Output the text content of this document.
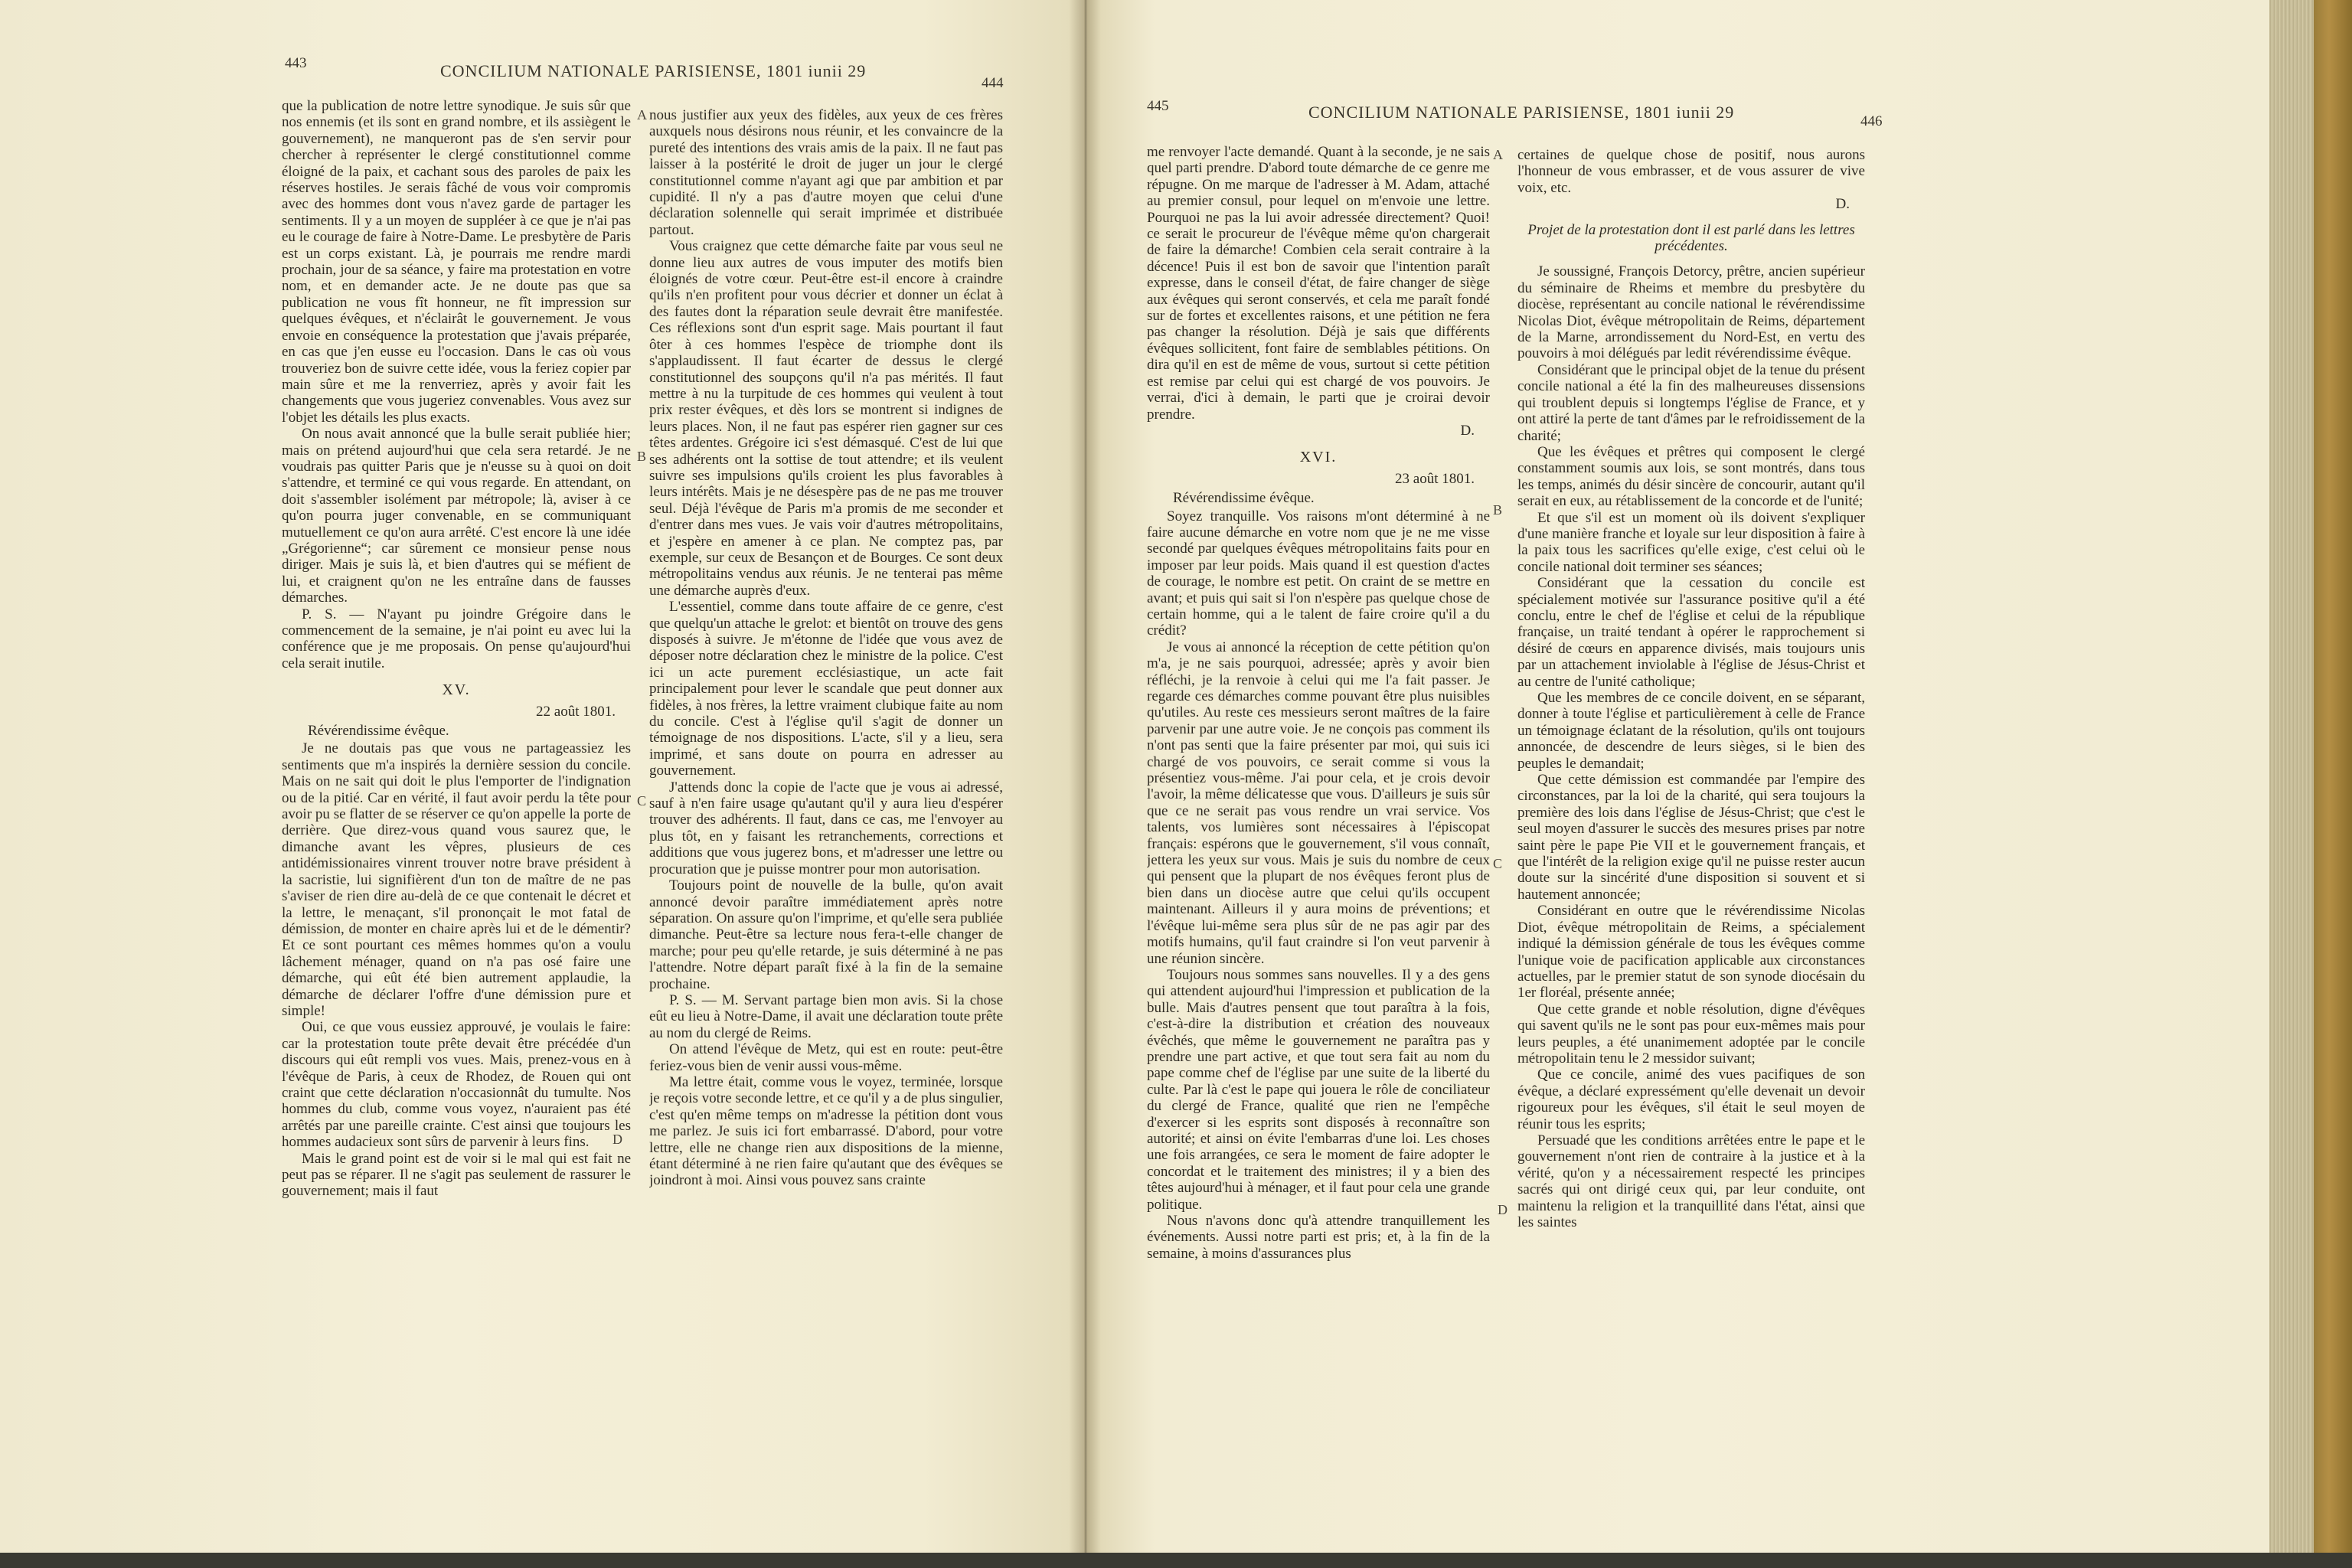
443	CONCILIUM NATIONALE PARISIENSE, 1801 iunii 29
444

que la publication de notre lettre synodique. Je suis sûr que nos ennemis (et ils sont en grand nombre, et ils assiègent le gouvernement), ne manqueront pas de s'en servir pour chercher à représenter le clergé constitutionnel comme éloigné de la paix, et cachant sous des paroles de paix les réserves hostiles. Je serais fâché de vous voir compromis avec des hommes dont vous n'avez garde de partager les sentiments. Il y a un moyen de suppléer à ce que je n'ai pas eu le courage de faire à Notre-Dame. Le presbytère de Paris est un corps existant. Là, je pourrais me rendre mardi prochain, jour de sa séance, y faire ma protestation en votre nom, et en demander acte. Je ne doute pas que sa publication ne vous fît honneur, ne fît impression sur quelques évêques, et n'éclairât le gouvernement. Je vous envoie en conséquence la protestation que j'avais préparée, en cas que j'en eusse eu l'occasion. Dans le cas où vous trouveriez bon de suivre cette idée, vous la feriez copier par main sûre et me la renverriez, après y avoir fait les changements que vous jugeriez convenables. Vous avez sur l'objet les détails les plus exacts.

On nous avait annoncé que la bulle serait publiée hier; mais on prétend aujourd'hui que cela sera retardé. Je ne voudrais pas quitter Paris que je n'eusse su à quoi on doit s'attendre, et terminé ce qui vous regarde. En attendant, on doit s'assembler isolément par métropole; là, aviser à ce qu'on pourra juger convenable, en se communiquant mutuellement ce qu'on aura arrêté. C'est encore là une idée „Grégorienne“; car sûrement ce monsieur pense nous diriger. Mais je suis là, et bien d'autres qui se méfient de lui, et craignent qu'on ne les entraîne dans de fausses démarches.

P. S. — N'ayant pu joindre Grégoire dans le commencement de la semaine, je n'ai point eu avec lui la conférence que je me proposais. On pense qu'aujourd'hui cela serait inutile.

XV.
22 août 1801.
Révérendissime évêque.

Je ne doutais pas que vous ne partageassiez les sentiments que m'a inspirés la dernière session du concile. Mais on ne sait qui doit le plus l'emporter de l'indignation ou de la pitié. Car en vérité, il faut avoir perdu la tête pour avoir pu se flatter de se réserver ce qu'on appelle la porte de derrière. Que direz-vous quand vous saurez que, le dimanche avant les vêpres, plusieurs de ces antidémissionaires vinrent trouver notre brave président à la sacristie, lui signifièrent d'un ton de maître de ne pas s'aviser de rien dire au-delà de ce que contenait le décret et la lettre, le menaçant, s'il prononçait le mot fatal de démission, de monter en chaire après lui et de le démentir? Et ce sont pourtant ces mêmes hommes qu'on a voulu lâchement ménager, quand on n'a pas osé faire une démarche, qui eût été bien autrement applaudie, la démarche de déclarer l'offre d'une démission pure et simple!

Oui, ce que vous eussiez approuvé, je voulais le faire: car la protestation toute prête devait être précédée d'un discours qui eût rempli vos vues. Mais, prenez-vous en à l'évêque de Paris, à ceux de Rhodez, de Rouen qui ont craint que cette déclaration n'occasionnât du tumulte. Nos hommes du club, comme vous voyez, n'auraient pas été arrêtés par une pareille crainte. C'est ainsi que toujours les hommes audacieux sont sûrs de parvenir à leurs fins.

Mais le grand point est de voir si le mal qui est fait ne peut pas se réparer. Il ne s'agit pas seulement de rassurer le gouvernement; mais il faut

A
B
C
D

nous justifier aux yeux des fidèles, aux yeux de ces frères auxquels nous désirons nous réunir, et les convaincre de la pureté des intentions des vrais amis de la paix. Il ne faut pas laisser à la postérité le droit de juger un jour le clergé constitutionnel comme n'ayant agi que par ambition et par cupidité. Il n'y a pas d'autre moyen que celui d'une déclaration solennelle qui serait imprimée et distribuée partout.

Vous craignez que cette démarche faite par vous seul ne donne lieu aux autres de vous imputer des motifs bien éloignés de votre cœur. Peut-être est-il encore à craindre qu'ils n'en profitent pour vous décrier et donner un éclat à des fautes dont la réparation seule devrait être manifestée. Ces réflexions sont d'un esprit sage. Mais pourtant il faut ôter à ces hommes l'espèce de triomphe dont ils s'applaudissent. Il faut écarter de dessus le clergé constitutionnel des soupçons qu'il n'a pas mérités. Il faut mettre à nu la turpitude de ces hommes qui veulent à tout prix rester évêques, et dès lors se montrent si indignes de leurs places. Non, il ne faut pas espérer rien gagner sur ces têtes ardentes. Grégoire ici s'est démasqué. C'est de lui que ses adhérents ont la sottise de tout attendre; et ils veulent suivre ses impulsions qu'ils croient les plus favorables à leurs intérêts. Mais je ne désespère pas de ne pas me trouver seul. Déjà l'évêque de Paris m'a promis de me seconder et d'entrer dans mes vues. Je vais voir d'autres métropolitains, et j'espère en amener à ce plan. Ne comptez pas, par exemple, sur ceux de Besançon et de Bourges. Ce sont deux métropolitains vendus aux réunis. Je ne tenterai pas même une démarche auprès d'eux.

L'essentiel, comme dans toute affaire de ce genre, c'est que quelqu'un attache le grelot: et bientôt on trouve des gens disposés à suivre. Je m'étonne de l'idée que vous avez de déposer notre déclaration chez le ministre de la police. C'est ici un acte purement ecclésiastique, un acte fait principalement pour lever le scandale que peut donner aux fidèles, à nos frères, la lettre vraiment clubique faite au nom du concile. C'est à l'église qu'il s'agit de donner un témoignage de nos dispositions. L'acte, s'il y a lieu, sera imprimé, et sans doute on pourra en adresser au gouvernement.

J'attends donc la copie de l'acte que je vous ai adressé, sauf à n'en faire usage qu'autant qu'il y aura lieu d'espérer trouver des adhérents. Il faut, dans ce cas, me l'envoyer au plus tôt, en y faisant les retranchements, corrections et additions que vous jugerez bons, et m'adresser une lettre ou procuration que je puisse montrer pour mon autorisation.

Toujours point de nouvelle de la bulle, qu'on avait annoncé devoir paraître immédiatement après notre séparation. On assure qu'on l'imprime, et qu'elle sera publiée dimanche. Peut-être sa lecture nous fera-t-elle changer de marche; pour peu qu'elle retarde, je suis déterminé à ne pas l'attendre. Notre départ paraît fixé à la fin de la semaine prochaine.

P. S. — M. Servant partage bien mon avis. Si la chose eût eu lieu à Notre-Dame, il avait une déclaration toute prête au nom du clergé de Reims.

On attend l'évêque de Metz, qui est en route: peut-être feriez-vous bien de venir aussi vous-même.

Ma lettre était, comme vous le voyez, terminée, lorsque je reçois votre seconde lettre, et ce qu'il y a de plus singulier, c'est qu'en même temps on m'adresse la pétition dont vous me parlez. Je suis ici fort embarrassé. D'abord, pour votre lettre, elle ne change rien aux dispositions de la mienne, étant déterminé à ne rien faire qu'autant que des évêques se joindront à moi. Ainsi vous pouvez sans crainte

445	CONCILIUM NATIONALE PARISIENSE, 1801 iunii 29	446

me renvoyer l'acte demandé. Quant à la seconde, je ne sais quel parti prendre. D'abord toute démarche de ce genre me répugne. On me marque de l'adresser à M. Adam, attaché au premier consul, pour lequel on m'envoie une lettre. Pourquoi ne pas la lui avoir adressée directement? Quoi! ce serait le procureur de l'évêque même qu'on chargerait de faire la démarche! Combien cela serait contraire à la décence! Puis il est bon de savoir que l'intention paraît expresse, dans le conseil d'état, de faire changer de siège aux évêques qui seront conservés, et cela me paraît fondé sur de fortes et excellentes raisons, et une pétition ne fera pas changer la résolution. Déjà je sais que différents évêques sollicitent, font faire de semblables pétitions. On dira qu'il en est de même de vous, surtout si cette pétition est remise par celui qui est chargé de vos pouvoirs. Je verrai, d'ici à demain, le parti que je croirai devoir prendre.

D.
XVI.
23 août 1801.
Révérendissime évêque.

Soyez tranquille. Vos raisons m'ont déterminé à ne faire aucune démarche en votre nom que je ne me visse secondé par quelques évêques métropolitains faits pour en imposer par leur poids. Mais quand il est question d'actes de courage, le nombre est petit. On craint de se mettre en avant; et puis qui sait si l'on n'espère pas quelque chose de certain homme, qui a le talent de faire croire qu'il a du crédit?

Je vous ai annoncé la réception de cette pétition qu'on m'a, je ne sais pourquoi, adressée; après y avoir bien réfléchi, je la renvoie à celui qui me l'a fait passer. Je regarde ces démarches comme pouvant être plus nuisibles qu'utiles. Au reste ces messieurs seront maîtres de la faire parvenir par une autre voie. Je ne conçois pas comment ils n'ont pas senti que la faire présenter par moi, qui suis ici chargé de vos pouvoirs, ce serait comme si vous la présentiez vous-même. J'ai pour cela, et je crois devoir l'avoir, la même délicatesse que vous. D'ailleurs je suis sûr que ce ne serait pas vous rendre un vrai service. Vos talents, vos lumières sont nécessaires à l'épiscopat français: espérons que le gouvernement, s'il vous connaît, jettera les yeux sur vous. Mais je suis du nombre de ceux qui pensent que la plupart de nos évêques feront plus de bien dans un diocèse autre que celui qu'ils occupent maintenant. Ailleurs il y aura moins de préventions; et l'évêque lui-même sera plus sûr de ne pas agir par des motifs humains, qu'il faut craindre si l'on veut parvenir à une réunion sincère.

Toujours nous sommes sans nouvelles. Il y a des gens qui attendent aujourd'hui l'impression et publication de la bulle. Mais d'autres pensent que tout paraîtra à la fois, c'est-à-dire la distribution et création des nouveaux évêchés, que même le gouvernement ne paraîtra pas y prendre une part active, et que tout sera fait au nom du pape comme chef de l'église par une suite de la liberté du culte. Par là c'est le pape qui jouera le rôle de conciliateur du clergé de France, qualité que rien ne l'empêche d'exercer si les esprits sont disposés à reconnaître son autorité; et ainsi on évite l'embarras d'une loi. Les choses une fois arrangées, ce sera le moment de faire adopter le concordat et le traitement des ministres; il y a bien des têtes aujourd'hui à ménager, et il faut pour cela une grande politique.

Nous n'avons donc qu'à attendre tranquillement les événements. Aussi notre parti est pris; et, à la fin de la semaine, à moins d'assurances plus

A
B
C
D

certaines de quelque chose de positif, nous aurons l'honneur de vous embrasser, et de vous assurer de vive voix, etc.

D.
Projet de la protestation dont il est parlé dans les lettres précédentes.

Je soussigné, François Detorcy, prêtre, ancien supérieur du séminaire de Rheims et membre du presbytère du diocèse, représentant au concile national le révérendissime Nicolas Diot, évêque métropolitain de Reims, département de la Marne, arrondissement du Nord-Est, en vertu des pouvoirs à moi délégués par ledit révérendissime évêque.

Considérant que le principal objet de la tenue du présent concile national a été la fin des malheureuses dissensions qui troublent depuis si longtemps l'église de France, et y ont attiré la perte de tant d'âmes par le refroidissement de la charité;

Que les évêques et prêtres qui composent le clergé constamment soumis aux lois, se sont montrés, dans tous les temps, animés du désir sincère de concourir, autant qu'il serait en eux, au rétablissement de la concorde et de l'unité;

Et que s'il est un moment où ils doivent s'expliquer d'une manière franche et loyale sur leur disposition à faire à la paix tous les sacrifices qu'elle exige, c'est celui où le concile national doit terminer ses séances;

Considérant que la cessation du concile est spécialement motivée sur l'assurance positive qu'il a été conclu, entre le chef de l'église et celui de la république française, un traité tendant à opérer le rapprochement si désiré de cœurs en apparence divisés, mais toujours unis par un attachement inviolable à l'église de Jésus-Christ et au centre de l'unité catholique;

Que les membres de ce concile doivent, en se séparant, donner à toute l'église et particulièrement à celle de France un témoignage éclatant de la résolution, qu'ils ont toujours annoncée, de descendre de leurs sièges, si le bien des peuples le demandait;

Que cette démission est commandée par l'empire des circonstances, par la loi de la charité, qui sera toujours la première des lois dans l'église de Jésus-Christ; que c'est le seul moyen d'assurer le succès des mesures prises par notre saint père le pape Pie VII et le gouvernement français, et que l'intérêt de la religion exige qu'il ne puisse rester aucun doute sur la sincérité d'une disposition si souvent et si hautement annoncée;

Considérant en outre que le révérendissime Nicolas Diot, évêque métropolitain de Reims, a spécialement indiqué la démission générale de tous les évêques comme l'unique voie de pacification applicable aux circonstances actuelles, par le premier statut de son synode diocésain du 1er floréal, présente année;

Que cette grande et noble résolution, digne d'évêques qui savent qu'ils ne le sont pas pour eux-mêmes mais pour leurs peuples, a été unanimement adoptée par le concile métropolitain tenu le 2 messidor suivant;

Que ce concile, animé des vues pacifiques de son évêque, a déclaré expressément qu'elle devenait un devoir rigoureux pour les évêques, s'il était le seul moyen de réunir tous les esprits;

Persuadé que les conditions arrêtées entre le pape et le gouvernement n'ont rien de contraire à la justice et à la vérité, qu'on y a nécessairement respecté les principes sacrés qui ont dirigé ceux qui, par leur conduite, ont maintenu la religion et la tranquillité dans l'état, ainsi que les saintes
